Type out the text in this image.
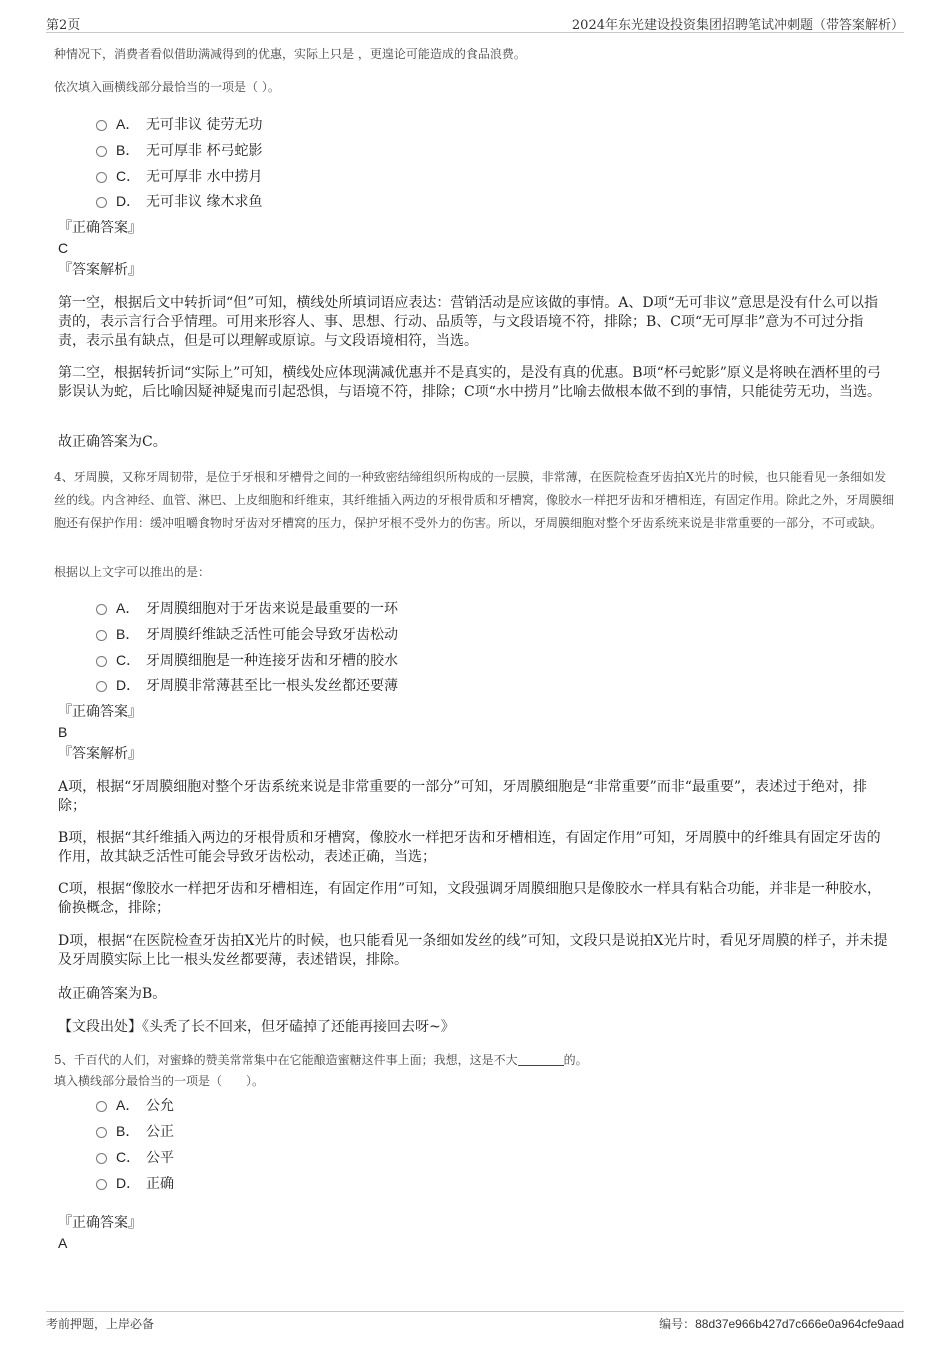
第2页	2024年东光建设投资集团招聘笔试冲刺题（带答案解析）
种情况下，消费者看似借助满减得到的优惠，实际上只是 ，更遑论可能造成的食品浪费。
依次填入画横线部分最恰当的一项是（ ）。
A． 无可非议 徒劳无功
B． 无可厚非 杯弓蛇影
C． 无可厚非 水中捞月
D． 无可非议 缘木求鱼
『正确答案』
C
『答案解析』
第一空，根据后文中转折词“但”可知，横线处所填词语应表达：营销活动是应该做的事情。A、D项“无可非议”意思是没有什么可以指责的，表示言行合乎情理。可用来形容人、事、思想、行动、品质等，与文段语境不符，排除；B、C项“无可厚非”意为不可过分指责，表示虽有缺点，但是可以理解或原谅。与文段语境相符，当选。
第二空，根据转折词“实际上”可知，横线处应体现满减优惠并不是真实的，是没有真的优惠。B项“杯弓蛇影”原义是将映在酒杯里的弓影误认为蛇，后比喻因疑神疑鬼而引起恐惧，与语境不符，排除；C项“水中捞月”比喻去做根本做不到的事情，只能徒劳无功，当选。
故正确答案为C。
4、牙周膜，又称牙周韧带，是位于牙根和牙槽骨之间的一种致密结缔组织所构成的一层膜，非常薄，在医院检查牙齿拍X光片的时候，也只能看见一条细如发丝的线。内含神经、血管、淋巴、上皮细胞和纤维束，其纤维插入两边的牙根骨质和牙槽窝，像胶水一样把牙齿和牙槽相连，有固定作用。除此之外，牙周膜细胞还有保护作用：缓冲咀嚼食物时牙齿对牙槽窝的压力，保护牙根不受外力的伤害。所以，牙周膜细胞对整个牙齿系统来说是非常重要的一部分，不可或缺。
根据以上文字可以推出的是：
A． 牙周膜细胞对于牙齿来说是最重要的一环
B． 牙周膜纤维缺乏活性可能会导致牙齿松动
C． 牙周膜细胞是一种连接牙齿和牙槽的胶水
D． 牙周膜非常薄甚至比一根头发丝都还要薄
『正确答案』
B
『答案解析』
A项，根据“牙周膜细胞对整个牙齿系统来说是非常重要的一部分”可知，牙周膜细胞是“非常重要”而非“最重要”，表述过于绝对，排除；
B项，根据“其纤维插入两边的牙根骨质和牙槽窝，像胶水一样把牙齿和牙槽相连，有固定作用”可知，牙周膜中的纤维具有固定牙齿的作用，故其缺乏活性可能会导致牙齿松动，表述正确，当选；
C项，根据“像胶水一样把牙齿和牙槽相连，有固定作用”可知，文段强调牙周膜细胞只是像胶水一样具有粘合功能，并非是一种胶水，偷换概念，排除；
D项，根据“在医院检查牙齿拍X光片的时候，也只能看见一条细如发丝的线”可知，文段只是说拍X光片时，看见牙周膜的样子，并未提及牙周膜实际上比一根头发丝都要薄，表述错误，排除。
故正确答案为B。
【文段出处】《头秃了长不回来，但牙磕掉了还能再接回去呀~》
5、千百代的人们，对蜜蜂的赞美常常集中在它能酿造蜜糖这件事上面；我想，这是不大	的。
填入横线部分最恰当的一项是（　　）。
A． 公允
B． 公正
C． 公平
D． 正确
『正确答案』
A
考前押题，上岸必备	编号：88d37e966b427d7c666e0a964cfe9aad
